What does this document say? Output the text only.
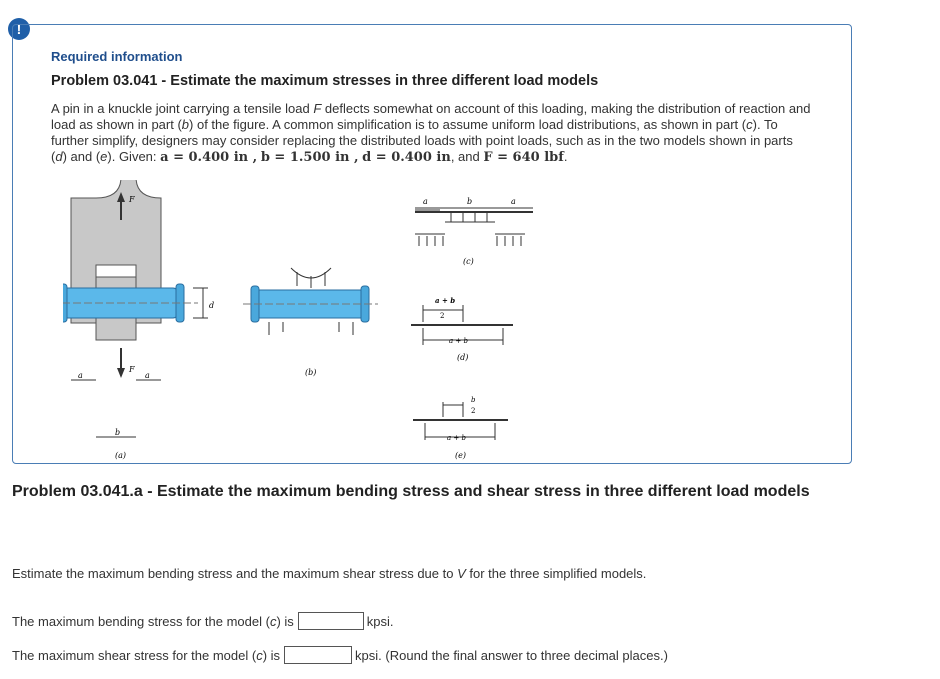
!
Required information
Problem 03.041 - Estimate the maximum stresses in three different load models
A pin in a knuckle joint carrying a tensile load F deflects somewhat on account of this loading, making the distribution of reaction and load as shown in part (b) of the figure. A common simplification is to assume uniform load distributions, as shown in part (c). To further simplify, designers may consider replacing the distributed loads with point loads, such as in the two models shown in parts (d) and (e). Given: a = 0.400 in , b = 1.500 in , d = 0.400 in, and F = 640 lbf.
d
F
F
a	a
b
(a)
(b)
a	b	a
(c)
a + b
2
a + b
(d)
b
2
a + b
(e)
Problem 03.041.a - Estimate the maximum bending stress and shear stress in three different load models
Estimate the maximum bending stress and the maximum shear stress due to V for the three simplified models.
The maximum bending stress for the model ( c ) is	kpsi.
The maximum shear stress for the model ( c ) is	kpsi. (Round the final answer to three decimal places.)
